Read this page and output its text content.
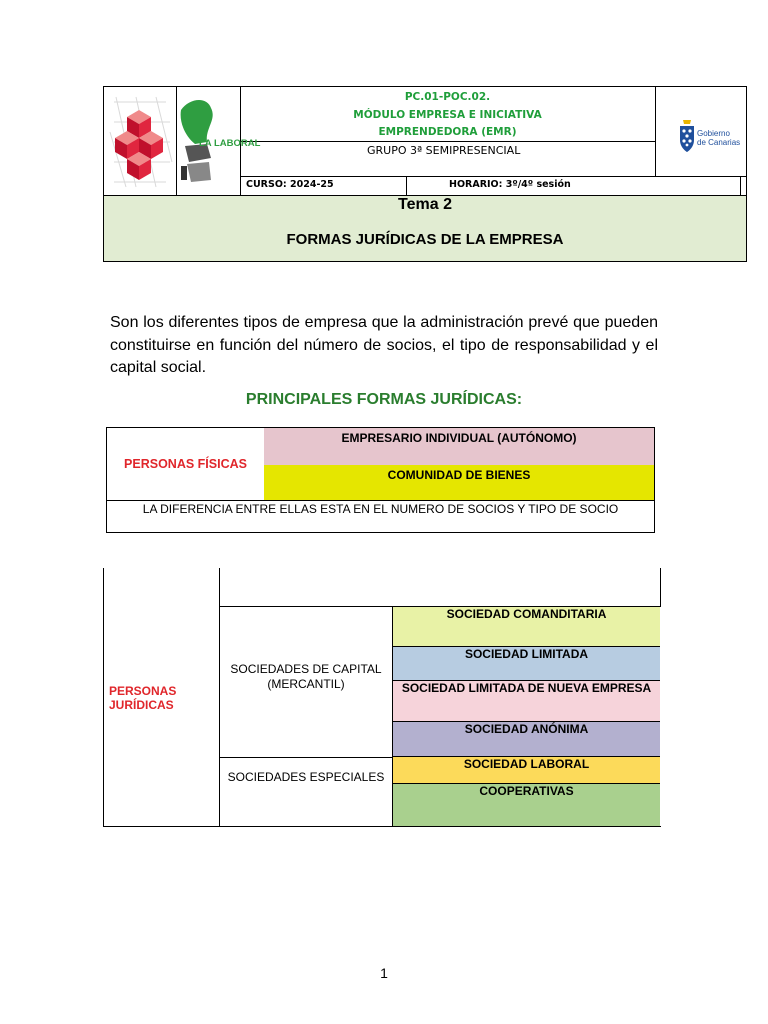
LA LABORAL
PC.01-POC.02.
MÓDULO EMPRESA E INICIATIVA
EMPRENDEDORA (EMR)
GRUPO 3ª SEMIPRESENCIAL
CURSO: 2024-25	HORARIO: 3º/4º sesión
Gobierno
de Canarias
Tema 2
FORMAS JURÍDICAS DE LA EMPRESA
Son los diferentes tipos de empresa que la administración prevé que pueden constituirse en función del número de socios, el tipo de responsabilidad y el capital social.
PRINCIPALES FORMAS JURÍDICAS:
PERSONAS FÍSICAS
EMPRESARIO INDIVIDUAL (AUTÓNOMO)
COMUNIDAD DE BIENES
LA DIFERENCIA ENTRE ELLAS ESTA EN EL NUMERO DE SOCIOS Y TIPO DE SOCIO
PERSONAS JURÍDICAS
SOCIEDADES DE CAPITAL (MERCANTIL)
SOCIEDADES ESPECIALES
SOCIEDAD COMANDITARIA
SOCIEDAD LIMITADA
SOCIEDAD LIMITADA DE NUEVA EMPRESA
SOCIEDAD ANÓNIMA
SOCIEDAD LABORAL
COOPERATIVAS
1
